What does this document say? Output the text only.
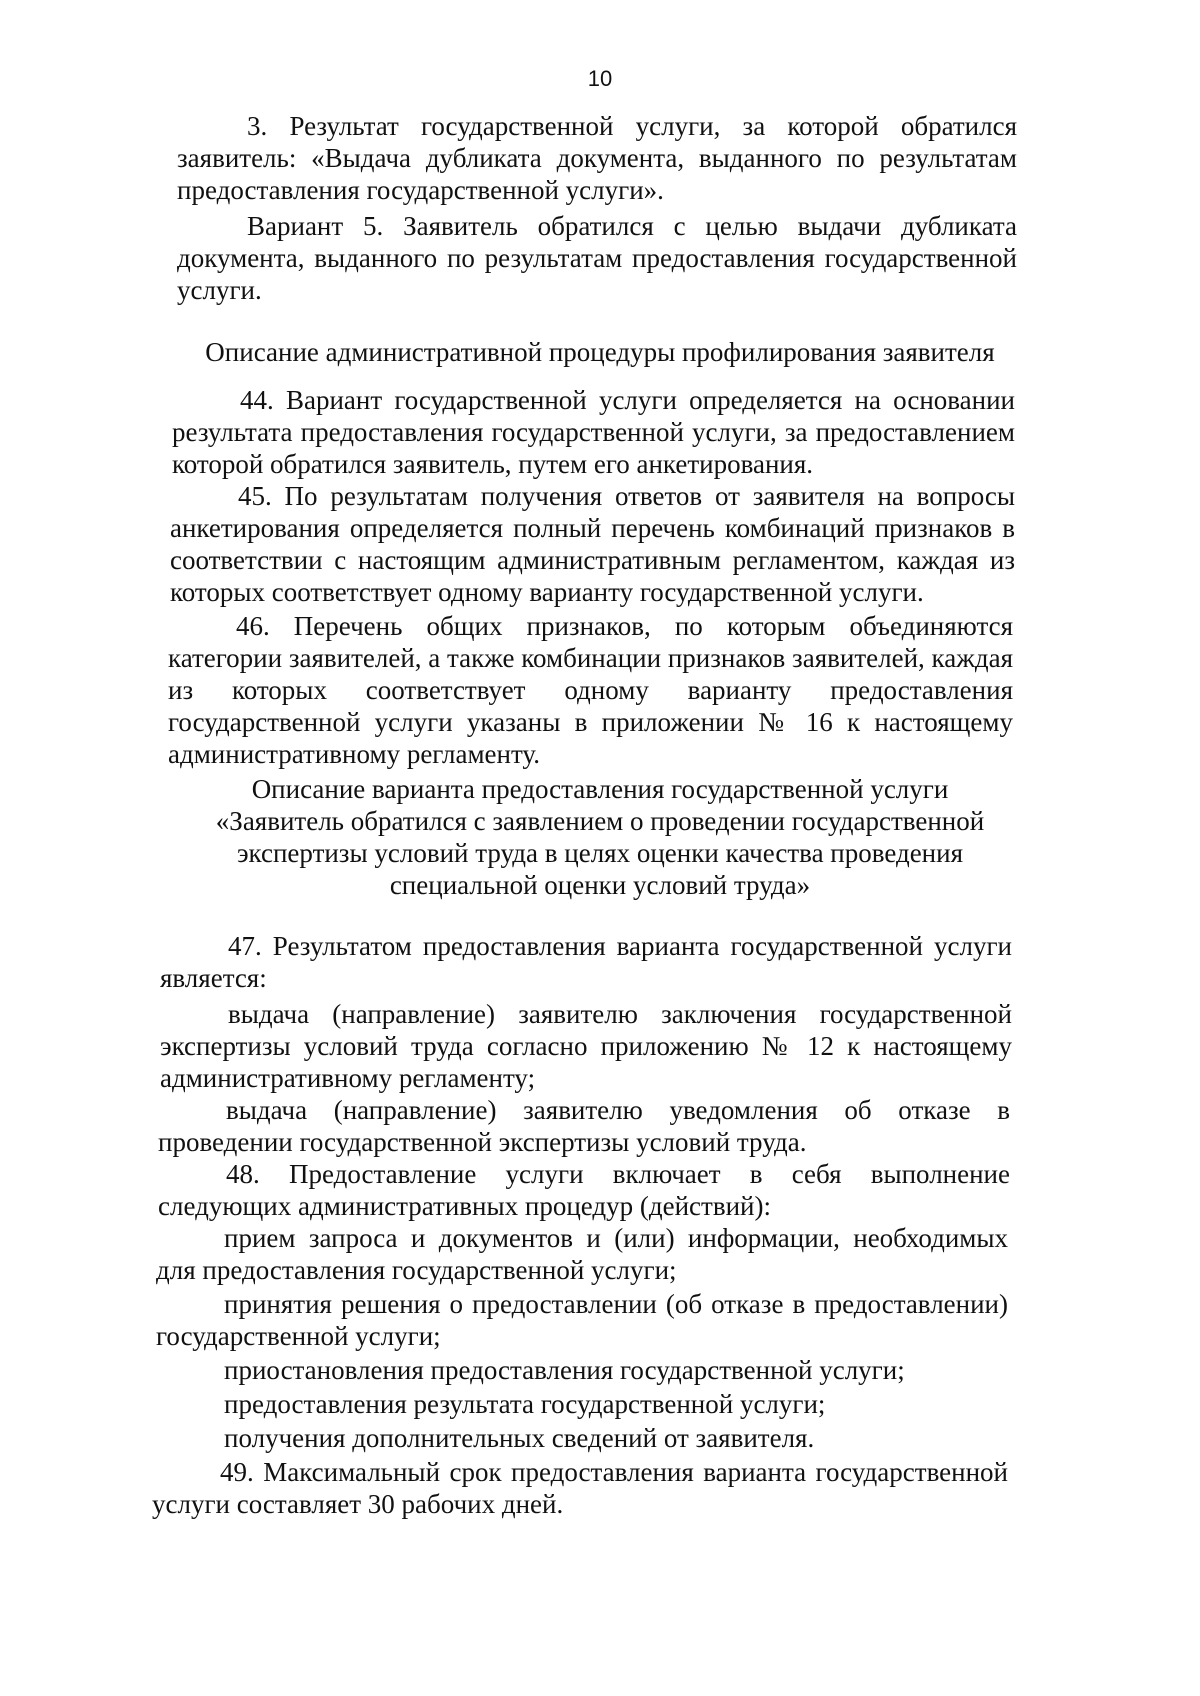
10

3. Результат государственной услуги, за которой обратился заявитель: «Выдача дубликата документа, выданного по результатам предоставления государственной услуги».

Вариант 5. Заявитель обратился с целью выдачи дубликата документа, выданного по результатам предоставления государственной услуги.

Описание административной процедуры профилирования заявителя

44. Вариант государственной услуги определяется на основании результата предоставления государственной услуги, за предоставлением которой обратился заявитель, путем его анкетирования.

45. По результатам получения ответов от заявителя на вопросы анкетирования определяется полный перечень комбинаций признаков в соответствии с настоящим административным регламентом, каждая из которых соответствует одному варианту государственной услуги.

46. Перечень общих признаков, по которым объединяются категории заявителей, а также комбинации признаков заявителей, каждая из которых соответствует одному варианту предоставления государственной услуги указаны в приложении № 16 к настоящему административному регламенту.

Описание варианта предоставления государственной услуги
«Заявитель обратился с заявлением о проведении государственной
экспертизы условий труда в целях оценки качества проведения
специальной оценки условий труда»

47. Результатом предоставления варианта государственной услуги является:

выдача (направление) заявителю заключения государственной экспертизы условий труда согласно приложению № 12 к настоящему административному регламенту;

выдача (направление) заявителю уведомления об отказе в проведении государственной экспертизы условий труда.

48. Предоставление услуги включает в себя выполнение следующих административных процедур (действий):

прием запроса и документов и (или) информации, необходимых для предоставления государственной услуги;

принятия решения о предоставлении (об отказе в предоставлении) государственной услуги;

приостановления предоставления государственной услуги;

предоставления результата государственной услуги;

получения дополнительных сведений от заявителя.

49. Максимальный срок предоставления варианта государственной услуги составляет 30 рабочих дней.
